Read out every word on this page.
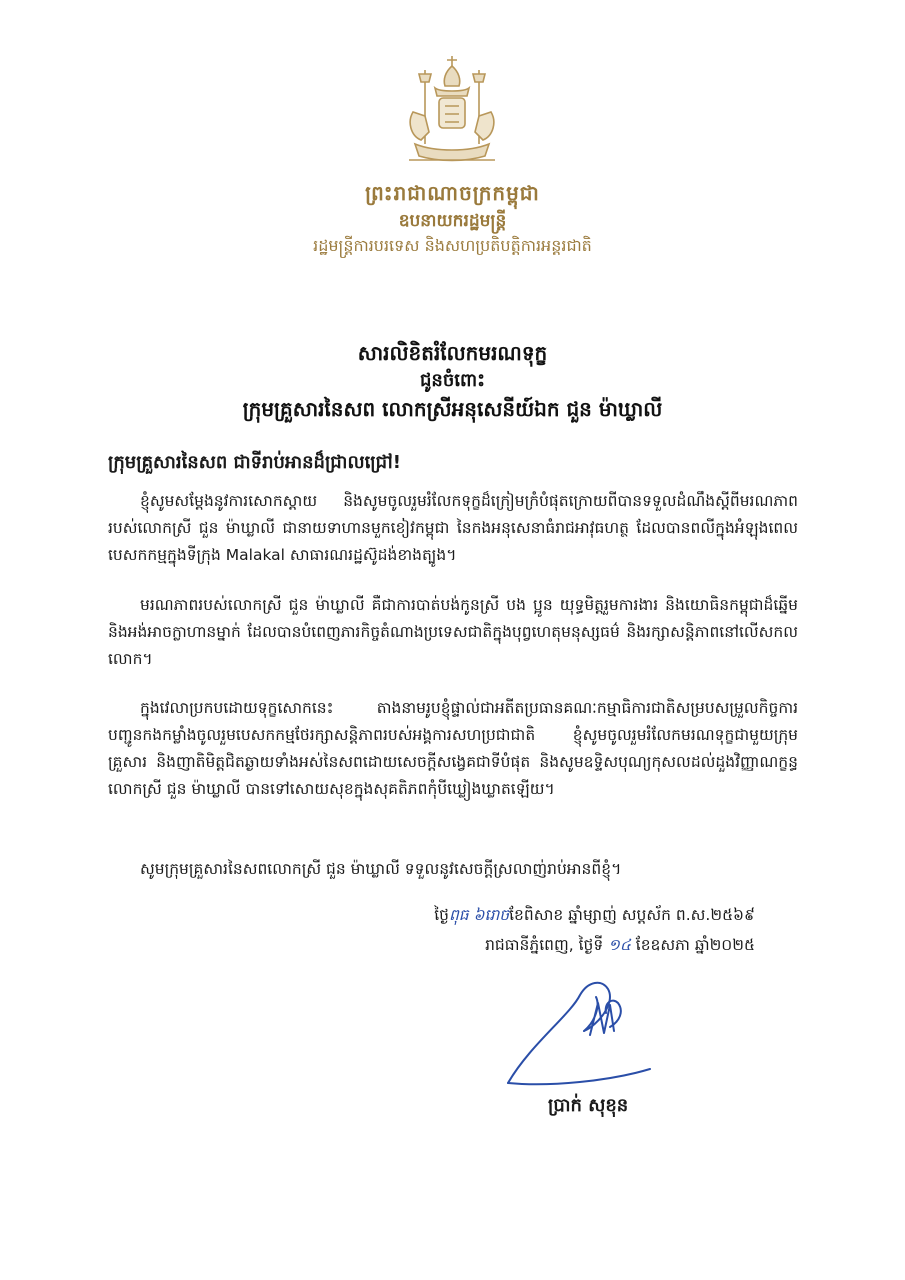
ព្រះរាជាណាចក្រកម្ពុជា
ឧបនាយករដ្ឋមន្ត្រី
រដ្ឋមន្ត្រីការបរទេស និងសហប្រតិបត្តិការអន្តរជាតិ
សារលិខិតរំលែកមរណទុក្ខ
ជូនចំពោះ
ក្រុមគ្រួសារនៃសព លោកស្រីអនុសេនីយ៍ឯក ជួន ម៉ាឃ្លាលី
ក្រុមគ្រួសារនៃសព ជាទីរាប់អានដ៏ជ្រាលជ្រៅ!
ខ្ញុំសូមសម្ដែងនូវការសោកស្ដាយ និងសូមចូលរួមរំលែកទុក្ខដ៏ក្រៀមក្រំបំផុតក្រោយពីបានទទួលដំណឹងស្ដីពីមរណភាពរបស់លោកស្រី ជួន ម៉ាឃ្លាលី ជានាយទាហានមួកខៀវកម្ពុជា នៃកងអនុសេនាធំរាជអាវុធហត្ថ ដែលបានពលីក្នុងអំឡុងពេលបេសកកម្មក្នុងទីក្រុង Malakal សាធារណរដ្ឋស៊ូដង់ខាងត្បូង។
មរណភាពរបស់លោកស្រី ជួន ម៉ាឃ្លាលី គឺជាការបាត់បង់កូនស្រី បង ប្អូន យុទ្ធមិត្តរួមការងារ និងយោធិនកម្ពុជាដ៏ឆ្នើម និងអង់អាចក្លាហានម្នាក់ ដែលបានបំពេញភារកិច្ចតំណាងប្រទេសជាតិក្នុងបុព្វហេតុមនុស្សធម៌ និងរក្សាសន្តិភាពនៅលើសកលលោក។
ក្នុងវេលាប្រកបដោយទុក្ខសោកនេះ តាងនាមរូបខ្ញុំផ្ទាល់ជាអតីតប្រធានគណៈកម្មាធិការជាតិសម្របសម្រួលកិច្ចការបញ្ជូនកងកម្លាំងចូលរួមបេសកកម្មថែរក្សាសន្តិភាពរបស់អង្គការសហប្រជាជាតិ ខ្ញុំសូមចូលរួមរំលែកមរណទុក្ខជាមួយក្រុមគ្រួសារ និងញាតិមិត្តជិតឆ្ងាយទាំងអស់នៃសពដោយសេចក្តីសង្វេគជាទីបំផុត និងសូមឧទ្ទិសបុណ្យកុសលដល់ដួងវិញ្ញាណក្ខន្ធលោកស្រី ជួន ម៉ាឃ្លាលី បានទៅសោយសុខក្នុងសុគតិភពកុំបីឃ្លៀងឃ្លាតឡើយ។
សូមក្រុមគ្រួសារនៃសពលោកស្រី ជួន ម៉ាឃ្លាលី ទទួលនូវសេចក្តីស្រលាញ់រាប់អានពីខ្ញុំ។
ថ្ងៃពុធ ៦រោចខែពិសាខ ឆ្នាំម្សាញ់ សប្តស័ក ព.ស.២៥៦៩
រាជធានីភ្នំពេញ, ថ្ងៃទី ១៤ ខែឧសភា ឆ្នាំ២០២៥
ប្រាក់ សុខុន
